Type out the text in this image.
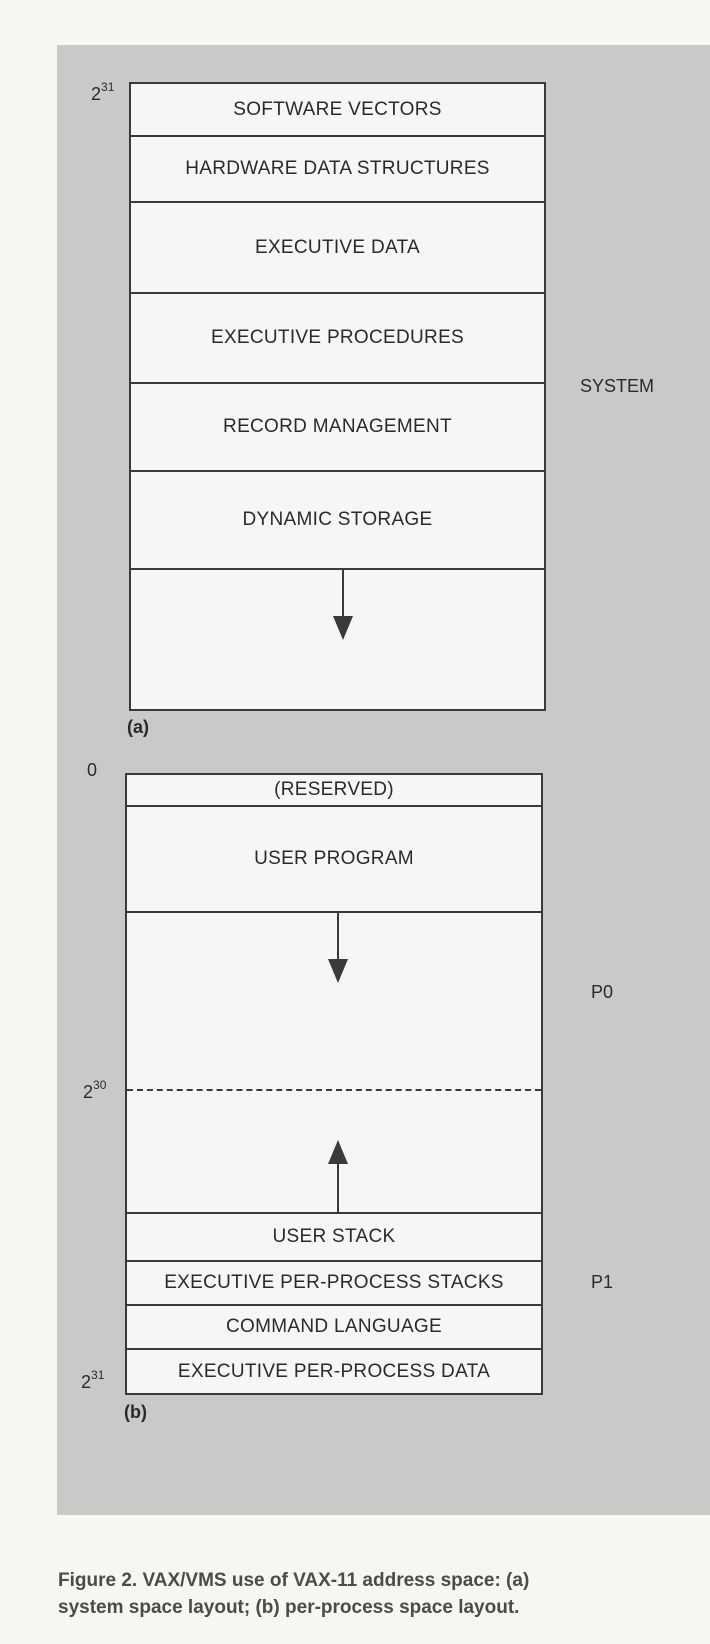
$2^{31}$
SOFTWARE VECTORS
HARDWARE DATA STRUCTURES
EXECUTIVE DATA
EXECUTIVE PROCEDURES
RECORD MANAGEMENT
DYNAMIC STORAGE
SYSTEM
(a)
0
(RESERVED)
USER PROGRAM
USER STACK
EXECUTIVE PER-PROCESS STACKS
COMMAND LANGUAGE
EXECUTIVE PER-PROCESS DATA
$2^{30}$
$2^{31}$
P0
P1
(b)
Figure 2. VAX/VMS use of VAX-11 address space: (a)
system space layout; (b) per-process space layout.
